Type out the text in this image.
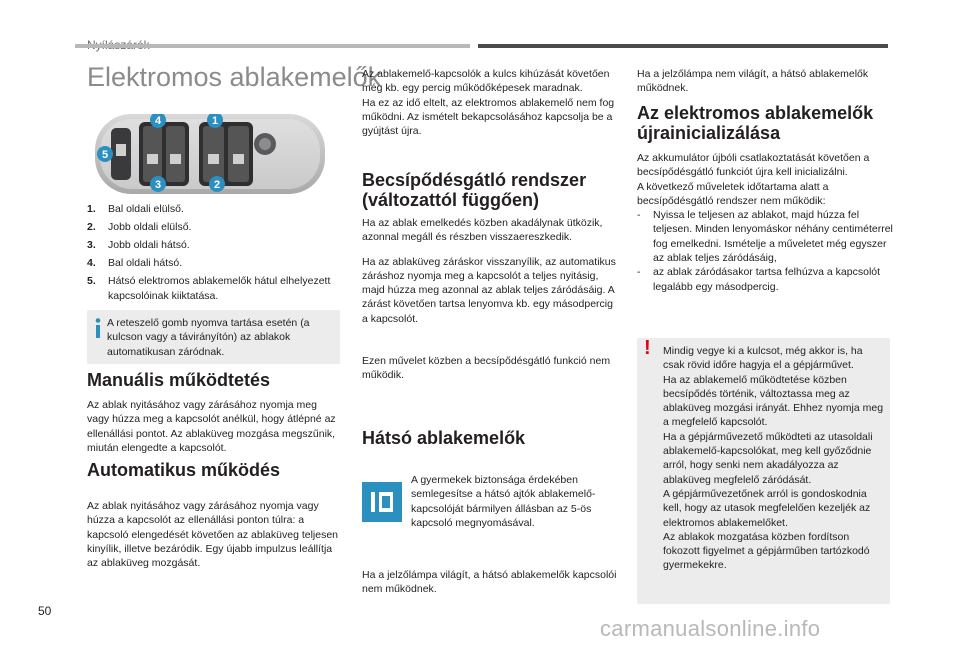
Elektromos ablakemelők
4	1
5
3	2
1.	Bal oldali elülső.
2.	Jobb oldali elülső.
3.	Jobb oldali hátsó.
4.	Bal oldali hátsó.
5.	Hátsó elektromos ablakemelők hátul elhelyezett kapcsolóinak kiiktatása.
A reteszelő gomb nyomva tartása esetén (a kulcson vagy a távirányítón) az ablakok automatikusan záródnak.
Manuális működtetés

Az ablak nyitásához vagy zárásához nyomja meg vagy húzza meg a kapcsolót anélkül, hogy átlépné az ellenállási pontot. Az ablaküveg mozgása megszűnik, miután elengedte a kapcsolót.

Automatikus működés

Az ablak nyitásához vagy zárásához nyomja vagy húzza a kapcsolót az ellenállási ponton túlra: a kapcsoló elengedését követően az ablaküveg teljesen kinyílik, illetve bezáródik. Egy újabb impulzus leállítja az ablaküveg mozgását.

Az ablakemelő-kapcsolók a kulcs kihúzását követően még kb. egy percig működőképesek maradnak.
Ha ez az idő eltelt, az elektromos ablakemelő nem fog működni. Az ismételt bekapcsolásához kapcsolja be a gyújtást újra.

Becsípődésgátló rendszer (változattól függően)

Ha az ablak emelkedés közben akadálynak ütközik, azonnal megáll és részben visszaereszkedik.

Ha az ablaküveg záráskor visszanyílik, az automatikus záráshoz nyomja meg a kapcsolót a teljes nyitásig, majd húzza meg azonnal az ablak teljes záródásáig. A zárást követően tartsa lenyomva kb. egy másodpercig a kapcsolót.

Ezen művelet közben a becsípődésgátló funkció nem működik.

Hátsó ablakemelők
A gyermekek biztonsága érdekében semlegesítse a hátsó ajtók ablakemelő-kapcsolóját bármilyen állásban az 5-ös kapcsoló megnyomásával.
Ha a jelzőlámpa világít, a hátsó ablakemelők kapcsolói nem működnek.
Ha a jelzőlámpa nem világít, a hátsó ablakemelők működnek.
Az elektromos ablakemelők újrainicializálása

Az akkumulátor újbóli csatlakoztatását követően a becsípődésgátló funkciót újra kell inicializálni.
A következő műveletek időtartama alatt a becsípődésgátló rendszer nem működik:

-	Nyissa le teljesen az ablakot, majd húzza fel teljesen. Minden lenyomáskor néhány centiméterrel fog emelkedni. Ismételje a műveletet még egyszer az ablak teljes záródásáig,
-	az ablak záródásakor tartsa felhúzva a kapcsolót legalább egy másodpercig.
! Mindig vegye ki a kulcsot, még akkor is, ha csak rövid időre hagyja el a gépjárművet.
Ha az ablakemelő működtetése közben becsípődés történik, változtassa meg az ablaküveg mozgási irányát. Ehhez nyomja meg a megfelelő kapcsolót.
Ha a gépjárművezető működteti az utasoldali ablakemelő-kapcsolókat, meg kell győződnie arról, hogy senki nem akadályozza az ablaküveg megfelelő záródását.
A gépjárművezetőnek arról is gondoskodnia kell, hogy az utasok megfelelően kezeljék az elektromos ablakemelőket.
Az ablakok mozgatása közben fordítson fokozott figyelmet a gépjárműben tartózkodó gyermekekre.
50
carmanualsonline.info
